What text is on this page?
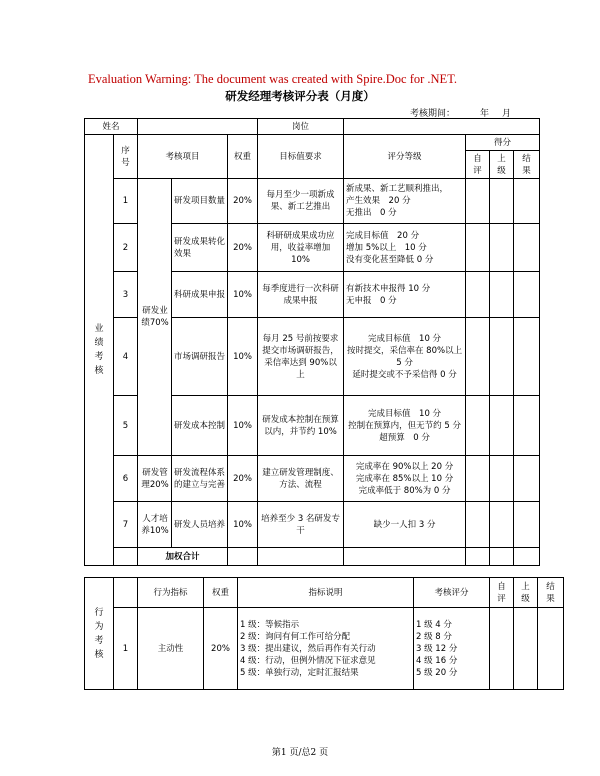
Evaluation Warning: The document was created with Spire.Doc for .NET.
研发经理考核评分表（月度）
考核期间：	年 月
姓名					岗位				
业绩考核	序号	考核项目		权重	目标值要求	评分等级	得分		
							自评	上级	结果
	1	研发业绩70%	研发项目数量	20%	每月至少一项新成果、新工艺推出	新成果、新工艺顺利推出，
产生效果　20 分
无推出　0 分			

	2		研发成果转化效果	20%	科研研成果成功应用，收益率增加 10%	完成目标值　20 分
增加 5%以上　10 分
没有变化甚至降低 0 分			

	3		科研成果申报	10%	每季度进行一次科研成果申报	有新技术申报得 10 分
无申报　0 分			

	4		市场调研报告	10%	每月 25 号前按要求提交市场调研报告，采信率达到 90%以上	完成目标值　10 分
按时提交，采信率在 80%以上　5 分
延时提交或不予采信得 0 分			

	5		研发成本控制	10%	研发成本控制在预算以内，并节约 10%	完成目标值　10 分
控制在预算内，但无节约 5 分
超预算　0 分			

	6	研发管理20%	研发流程体系的建立与完善	20%	建立研发管理制度、方法、流程	完成率在 90%以上 20 分
完成率在 85%以上 10 分
完成率低于 80%为 0 分			

	7	人才培养10%	研发人员培养	10%	培养至少 3 名研发专干	缺少一人扣 3 分			

		加权合计							
行为考核		行为指标	权重	指标说明	考核评分	自评	上级	结果
	1	主动性	20%	1 级：等候指示
2 级：询问有何工作可给分配
3 级：提出建议，然后再作有关行动
4 级：行动，但例外情况下征求意见
5 级：单独行动，定时汇报结果	1 级 4 分
2 级 8 分
3 级 12 分
4 级 16 分
5 级 20 分			

第1 页/总2 页
